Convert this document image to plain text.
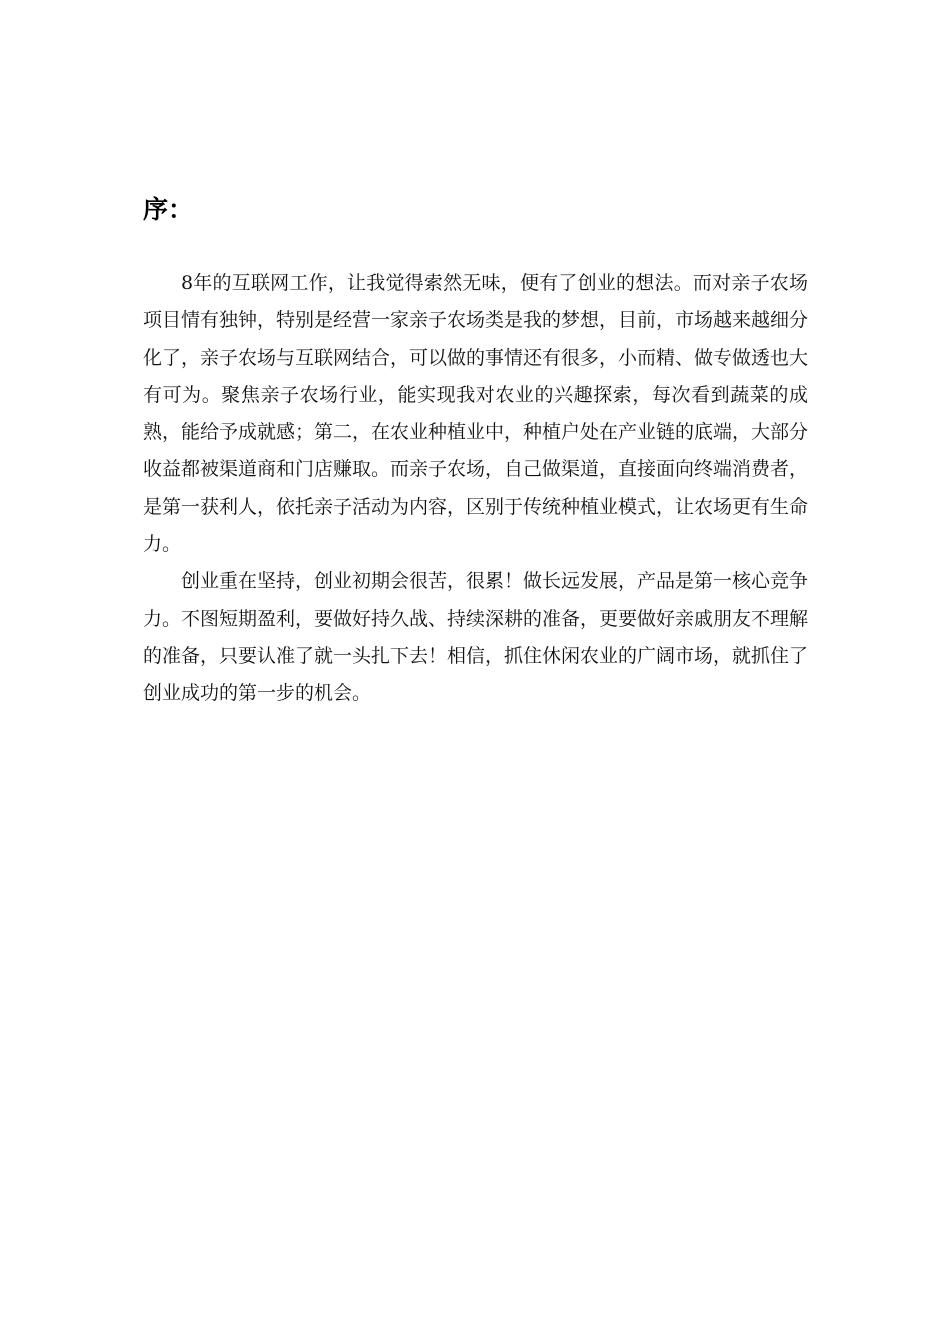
序：

8年的互联网工作，让我觉得索然无味，便有了创业的想法。而对亲子农场项目情有独钟，特别是经营一家亲子农场类是我的梦想，目前，市场越来越细分化了，亲子农场与互联网结合，可以做的事情还有很多，小而精、做专做透也大有可为。聚焦亲子农场行业，能实现我对农业的兴趣探索，每次看到蔬菜的成熟，能给予成就感；第二，在农业种植业中，种植户处在产业链的底端，大部分收益都被渠道商和门店赚取。而亲子农场，自己做渠道，直接面向终端消费者，是第一获利人，依托亲子活动为内容，区别于传统种植业模式，让农场更有生命力。

创业重在坚持，创业初期会很苦，很累！做长远发展，产品是第一核心竞争力。不图短期盈利，要做好持久战、持续深耕的准备，更要做好亲戚朋友不理解的准备，只要认准了就一头扎下去！相信，抓住休闲农业的广阔市场，就抓住了创业成功的第一步的机会。
